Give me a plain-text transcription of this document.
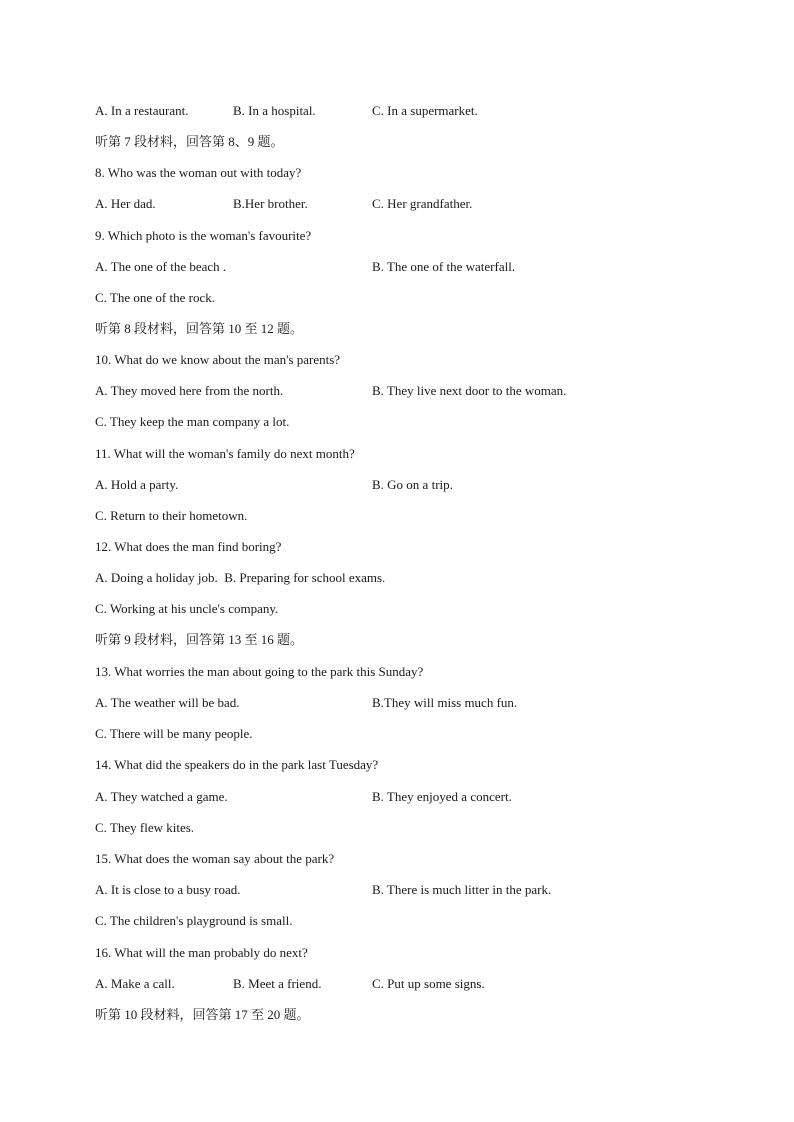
A. In a restaurant.	B. In a hospital.	C. In a supermarket.
听第 7 段材料，回答第 8、9 题。
8. Who was the woman out with today?
A. Her dad.	B.Her brother.	C. Her grandfather.
9. Which photo is the woman's favourite?
A. The one of the beach .	B. The one of the waterfall.
C. The one of the rock.
听第 8 段材料，回答第 10 至 12 题。
10. What do we know about the man's parents?
A. They moved here from the north.	B. They live next door to the woman.
C. They keep the man company a lot.
11. What will the woman's family do next month?
A. Hold a party.	B. Go on a trip.
C. Return to their hometown.
12. What does the man find boring?
A. Doing a holiday job.  B. Preparing for school exams.
C. Working at his uncle's company.
听第 9 段材料，回答第 13 至 16 题。
13. What worries the man about going to the park this Sunday?
A. The weather will be bad.	B.They will miss much fun.
C. There will be many people.
14. What did the speakers do in the park last Tuesday?
A. They watched a game.	B. They enjoyed a concert.
C. They flew kites.
15. What does the woman say about the park?
A. It is close to a busy road.	B. There is much litter in the park.
C. The children's playground is small.
16. What will the man probably do next?
A. Make a call.	B. Meet a friend.	C. Put up some signs.
听第 10 段材料，回答第 17 至 20 题。
